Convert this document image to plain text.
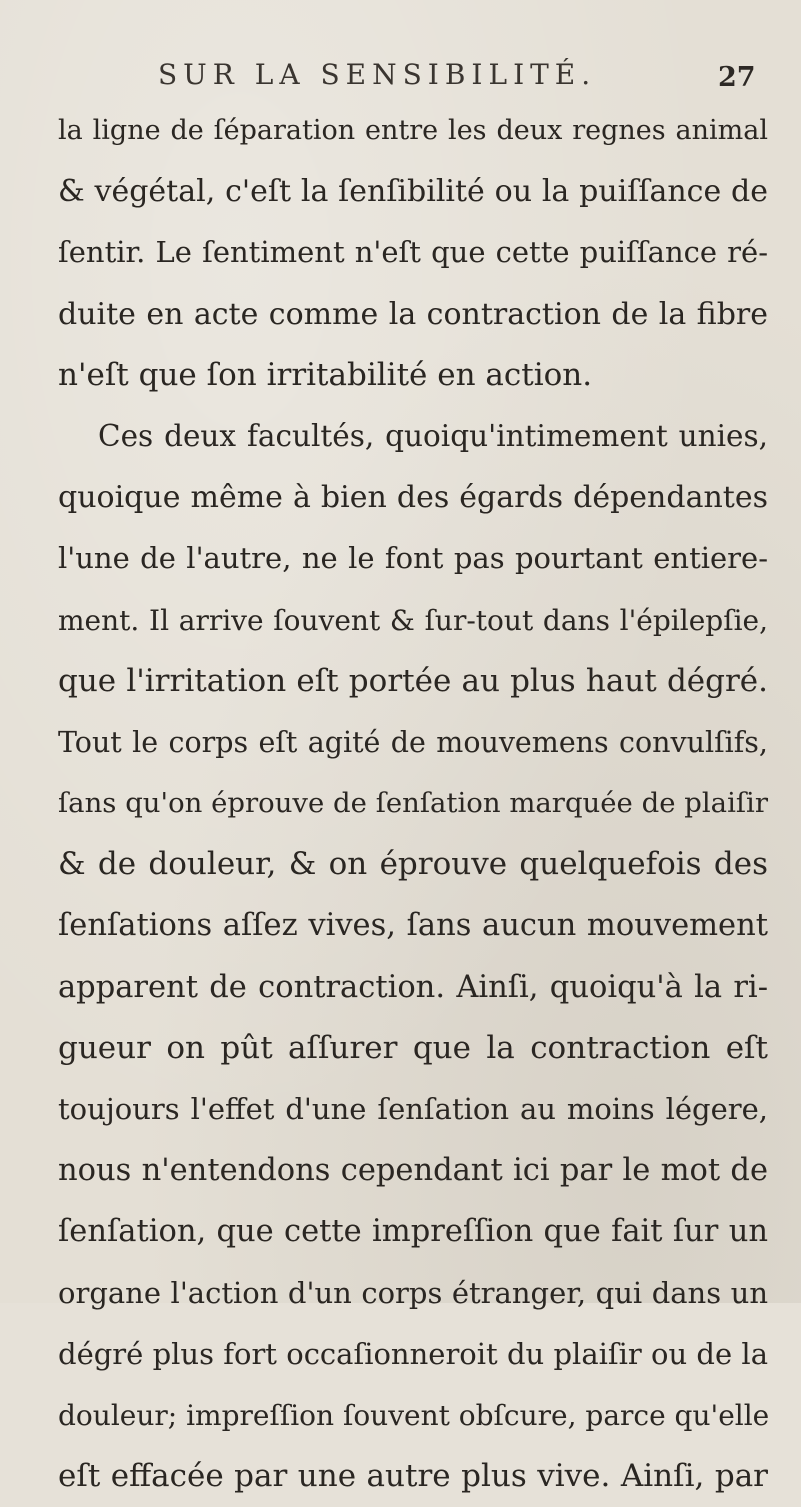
SUR LA SENSIBILITÉ.	27
la ligne de ſéparation entre les deux regnes animal
& végétal, c'eſt la ſenſibilité ou la puiſſance de
ſentir. Le ſentiment n'eſt que cette puiſſance ré-
duite en acte comme la contraction de la fibre
n'eſt que ſon irritabilité en action.
Ces deux facultés, quoiqu'intimement unies,
quoique même à bien des égards dépendantes
l'une de l'autre, ne le font pas pourtant entiere-
ment. Il arrive ſouvent & ſur-tout dans l'épilepſie,
que l'irritation eſt portée au plus haut dégré.
Tout le corps eſt agité de mouvemens convulſifs,
ſans qu'on éprouve de ſenſation marquée de plaiſir
& de douleur, & on éprouve quelquefois des
ſenſations aſſez vives, ſans aucun mouvement
apparent de contraction. Ainſi, quoiqu'à la ri-
gueur on pût aſſurer que la contraction eſt
toujours l'effet d'une ſenſation au moins légere,
nous n'entendons cependant ici par le mot de
ſenſation, que cette impreſſion que fait ſur un
organe l'action d'un corps étranger, qui dans un
dégré plus fort occaſionneroit du plaiſir ou de la
douleur; impreſſion ſouvent obſcure, parce qu'elle
eſt effacée par une autre plus vive. Ainſi, par
